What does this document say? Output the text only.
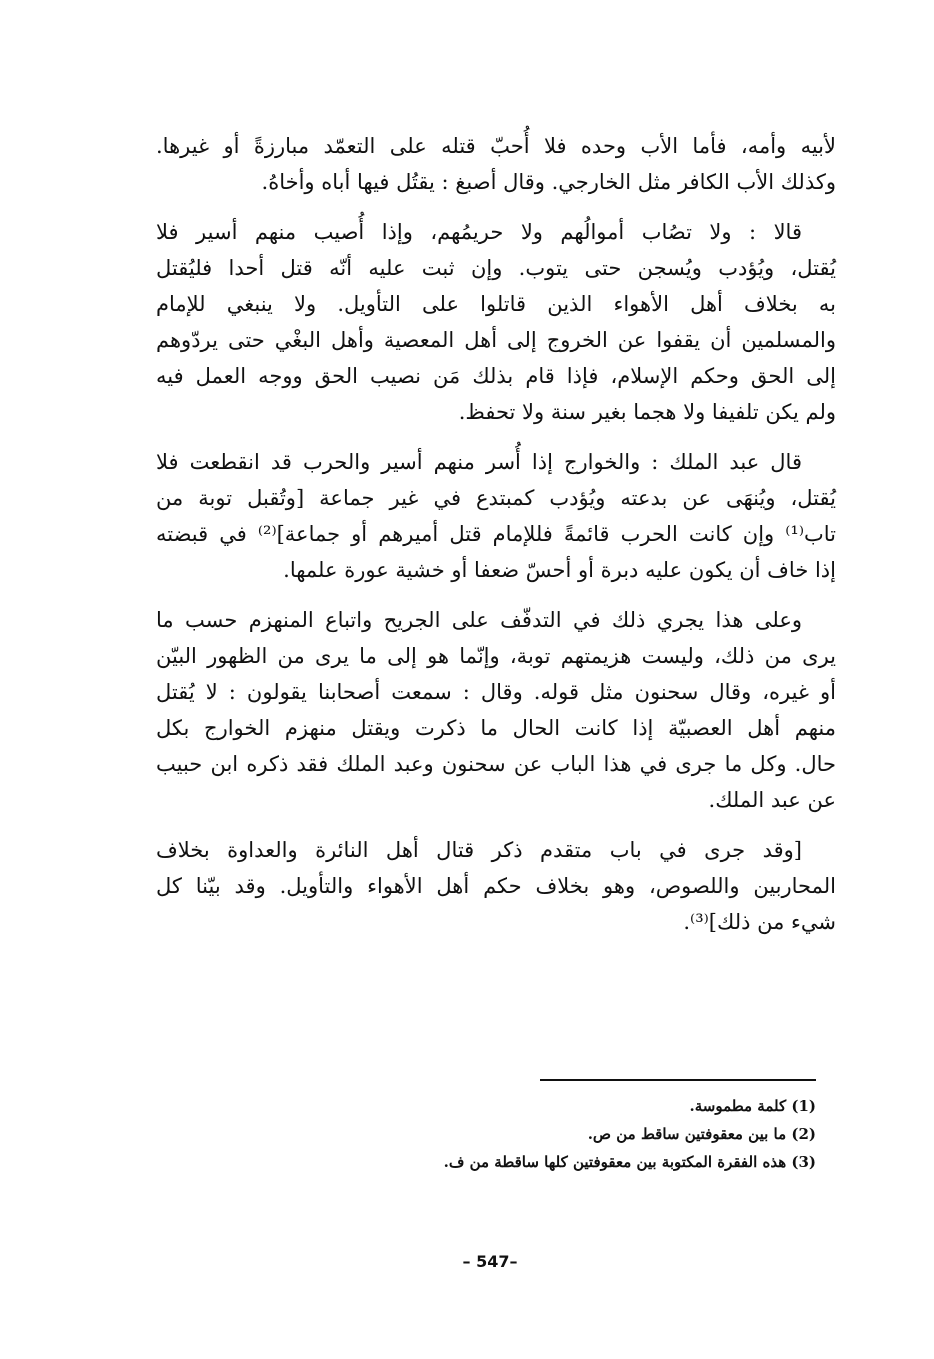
لأبيه وأمه، فأما الأب وحده فلا أُحبّ قتله على التعمّد مبارزةً أو غيرها.
وكذلك الأب الكافر مثل الخارجي. وقال أصبغ : يقتُل فيها أباه وأخاهُ.
قالا : ولا تصُاب أموالُهم ولا حريمُهم، وإذا أُصيب منهم أسير فلا
يُقتل، ويُؤدب ويُسجن حتى يتوب. وإن ثبت عليه أنّه قتل أحدا فليُقتل
به بخلاف أهل الأهواء الذين قاتلوا على التأويل. ولا ينبغي للإمام
والمسلمين أن يقفوا عن الخروج إلى أهل المعصية وأهل البغْي حتى يردّوهم
إلى الحق وحكم الإسلام، فإذا قام بذلك مَن نصيب الحق ووجه العمل فيه
ولم يكن تلفيفا ولا هجما بغير سنة ولا تحفظ.
قال عبد الملك : والخوارج إذا أُسر منهم أسير والحرب قد انقطعت فلا
يُقتل، ويُنهَى عن بدعته ويُؤدب كمبتدع في غير جماعة [وتُقبل توبة من
تاب⁽¹⁾ وإن كانت الحرب قائمةً فللإمام قتل أميرهم أو جماعة]⁽²⁾ في قبضته
إذا خاف أن يكون عليه دبرة أو أحسّ ضعفا أو خشية عورة علمها.
وعلى هذا يجري ذلك في التدفّف على الجريح واتباع المنهزم حسب ما
يرى من ذلك، وليست هزيمتهم توبة، وإنّما هو إلى ما يرى من الظهور البيّن
أو غيره، وقال سحنون مثل قوله. وقال : سمعت أصحابنا يقولون : لا يُقتل
منهم أهل العصبيّة إذا كانت الحال ما ذكرت ويقتل منهزم الخوارج بكل
حال. وكل ما جرى في هذا الباب عن سحنون وعبد الملك فقد ذكره ابن حبيب
عن عبد الملك.
[وقد جرى في باب متقدم ذكر قتال أهل النائرة والعداوة بخلاف
المحاربين واللصوص، وهو بخلاف حكم أهل الأهواء والتأويل. وقد بيّنا كل
شيء من ذلك]⁽³⁾.
(1) كلمة مطموسة.
(2) ما بين معقوفتين ساقط من ص.
(3) هذه الفقرة المكتوبة بين معقوفتين كلها ساقطة من ف.
– 547–
